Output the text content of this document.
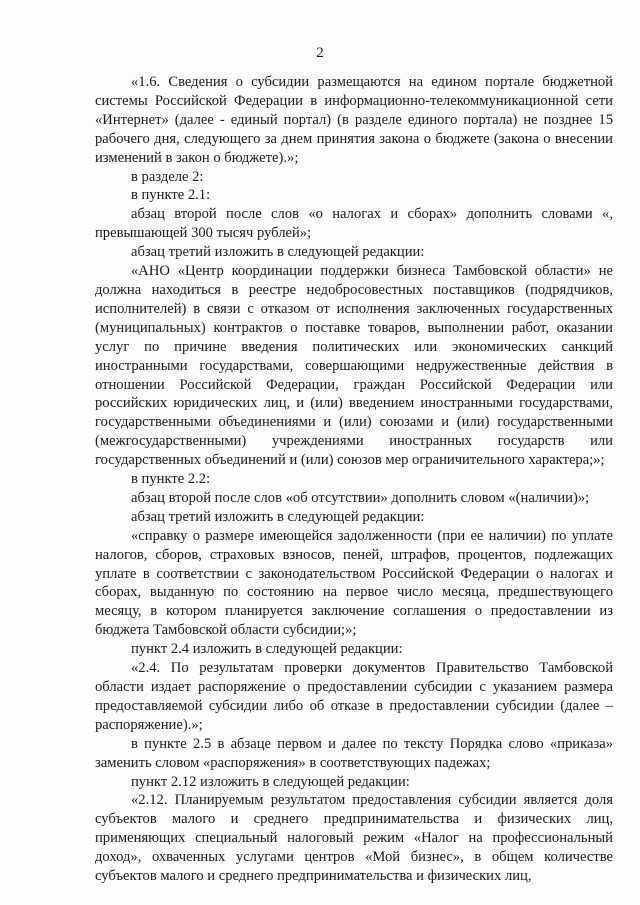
2

«1.6. Сведения о субсидии размещаются на едином портале бюджетной системы Российской Федерации в информационно-телекоммуникационной сети «Интернет» (далее - единый портал) (в разделе единого портала) не позднее 15 рабочего дня, следующего за днем принятия закона о бюджете (закона о внесении изменений в закон о бюджете).»;

в разделе 2:

в пункте 2.1:

абзац второй после слов «о налогах и сборах» дополнить словами «, превышающей 300 тысяч рублей»;

абзац третий изложить в следующей редакции:

«АНО «Центр координации поддержки бизнеса Тамбовской области» не должна находиться в реестре недобросовестных поставщиков (подрядчиков, исполнителей) в связи с отказом от исполнения заключенных государственных (муниципальных) контрактов о поставке товаров, выполнении работ, оказании услуг по причине введения политических или экономических санкций иностранными государствами, совершающими недружественные действия в отношении Российской Федерации, граждан Российской Федерации или российских юридических лиц, и (или) введением иностранными государствами, государственными объединениями и (или) союзами и (или) государственными (межгосударственными) учреждениями иностранных государств или государственных объединений и (или) союзов мер ограничительного характера;»;

в пункте 2.2:

абзац второй после слов «об отсутствии» дополнить словом «(наличии)»;

абзац третий изложить в следующей редакции:

«справку о размере имеющейся задолженности (при ее наличии) по уплате налогов, сборов, страховых взносов, пеней, штрафов, процентов, подлежащих уплате в соответствии с законодательством Российской Федерации о налогах и сборах, выданную по состоянию на первое число месяца, предшествующего месяцу, в котором планируется заключение соглашения о предоставлении из бюджета Тамбовской области субсидии;»;

пункт 2.4 изложить в следующей редакции:

«2.4. По результатам проверки документов Правительство Тамбовской области издает распоряжение о предоставлении субсидии с указанием размера предоставляемой субсидии либо об отказе в предоставлении субсидии (далее – распоряжение).»;

в пункте 2.5 в абзаце первом и далее по тексту Порядка слово «приказа» заменить словом «распоряжения» в соответствующих падежах;

пункт 2.12 изложить в следующей редакции:

«2.12. Планируемым результатом предоставления субсидии является доля субъектов малого и среднего предпринимательства и физических лиц, применяющих специальный налоговый режим «Налог на профессиональный доход», охваченных услугами центров «Мой бизнес», в общем количестве субъектов малого и среднего предпринимательства и физических лиц,
